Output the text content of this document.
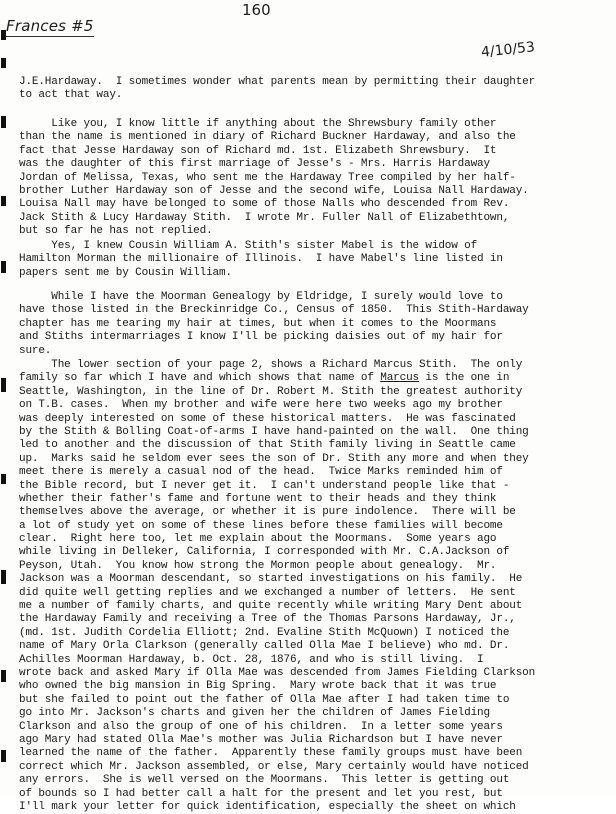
Frances #5
160
4/10/53
J.E.Hardaway.  I sometimes wonder what parents mean by permitting their daughter
to act that way.
Like you, I know little if anything about the Shrewsbury family other
than the name is mentioned in diary of Richard Buckner Hardaway, and also the
fact that Jesse Hardaway son of Richard md. 1st. Elizabeth Shrewsbury.  It
was the daughter of this first marriage of Jesse's - Mrs. Harris Hardaway
Jordan of Melissa, Texas, who sent me the Hardaway Tree compiled by her half-
brother Luther Hardaway son of Jesse and the second wife, Louisa Nall Hardaway.
Louisa Nall may have belonged to some of those Nalls who descended from Rev.
Jack Stith & Lucy Hardaway Stith.  I wrote Mr. Fuller Nall of Elizabethtown,
but so far he has not replied.
Yes, I knew Cousin William A. Stith's sister Mabel is the widow of
Hamilton Morman the millionaire of Illinois.  I have Mabel's line listed in
papers sent me by Cousin William.
While I have the Moorman Genealogy by Eldridge, I surely would love to
have those listed in the Breckinridge Co., Census of 1850.  This Stith-Hardaway
chapter has me tearing my hair at times, but when it comes to the Moormans
and Stiths intermarriages I know I'll be picking daisies out of my hair for
sure.
The lower section of your page 2, shows a Richard Marcus Stith.  The only
family so far which I have and which shows that name of Marcus is the one in
Seattle, Washington, in the line of Dr. Robert M. Stith the greatest authority
on T.B. cases.  When my brother and wife were here two weeks ago my brother
was deeply interested on some of these historical matters.  He was fascinated
by the Stith & Bolling Coat-of-arms I have hand-painted on the wall.  One thing
led to another and the discussion of that Stith family living in Seattle came
up.  Marks said he seldom ever sees the son of Dr. Stith any more and when they
meet there is merely a casual nod of the head.  Twice Marks reminded him of
the Bible record, but I never get it.  I can't understand people like that -
whether their father's fame and fortune went to their heads and they think
themselves above the average, or whether it is pure indolence.  There will be
a lot of study yet on some of these lines before these families will become
clear.  Right here too, let me explain about the Moormans.  Some years ago
while living in Delleker, California, I corresponded with Mr. C.A.Jackson of
Peyson, Utah.  You know how strong the Mormon people about genealogy.  Mr.
Jackson was a Moorman descendant, so started investigations on his family.  He
did quite well getting replies and we exchanged a number of letters.  He sent
me a number of family charts, and quite recently while writing Mary Dent about
the Hardaway Family and receiving a Tree of the Thomas Parsons Hardaway, Jr.,
(md. 1st. Judith Cordelia Elliott; 2nd. Evaline Stith McQuown) I noticed the
name of Mary Orla Clarkson (generally called Olla Mae I believe) who md. Dr.
Achilles Moorman Hardaway, b. Oct. 28, 1876, and who is still living.  I
wrote back and asked Mary if Olla Mae was descended from James Fielding Clarkson
who owned the big mansion in Big Spring.  Mary wrote back that it was true
but she failed to point out the father of Olla Mae after I had taken time to
go into Mr. Jackson's charts and given her the children of James Fielding
Clarkson and also the group of one of his children.  In a letter some years
ago Mary had stated Olla Mae's mother was Julia Richardson but I have never
learned the name of the father.  Apparently these family groups must have been
correct which Mr. Jackson assembled, or else, Mary certainly would have noticed
any errors.  She is well versed on the Moormans.  This letter is getting out
of bounds so I had better call a halt for the present and let you rest, but
I'll mark your letter for quick identification, especially the sheet on which
